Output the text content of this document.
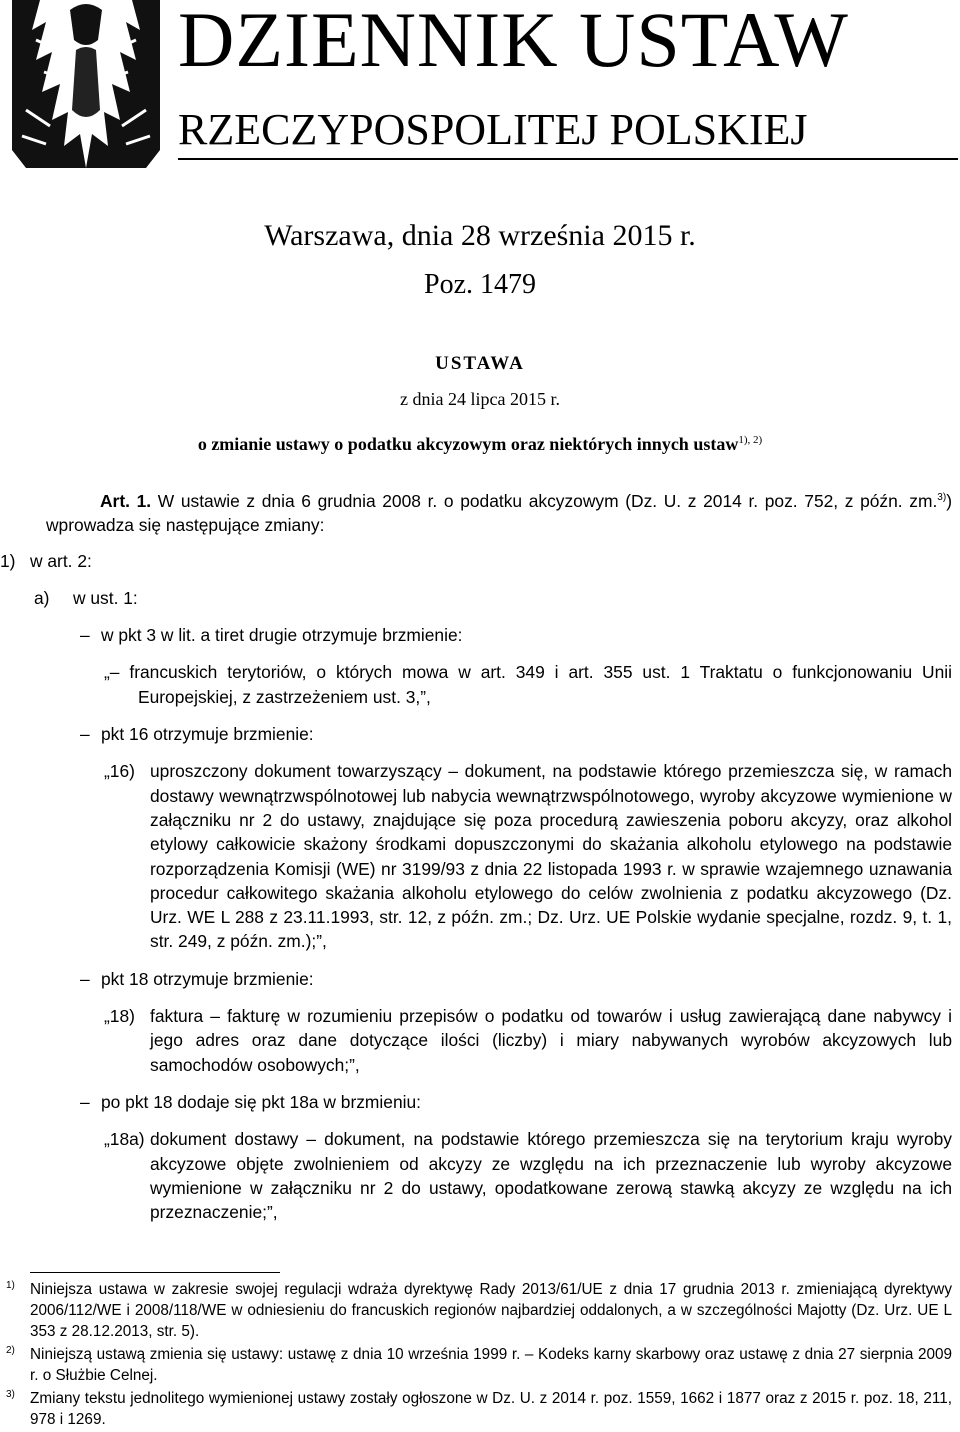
DZIENNIK USTAW
RZECZYPOSPOLITEJ POLSKIEJ
Warszawa, dnia 28 września 2015 r.
Poz. 1479
USTAWA
z dnia 24 lipca 2015 r.
o zmianie ustawy o podatku akcyzowym oraz niektórych innych ustaw$^{1), 2)}$

Art. 1. W ustawie z dnia 6 grudnia 2008 r. o podatku akcyzowym (Dz. U. z 2014 r. poz. 752, z późn. zm.$^{3)}$) wprowadza się następujące zmiany:

1) w art. 2:

a) w ust. 1:

– w pkt 3 w lit. a tiret drugie otrzymuje brzmienie:

„– francuskich terytoriów, o których mowa w art. 349 i art. 355 ust. 1 Traktatu o funkcjonowaniu Unii Europejskiej, z zastrzeżeniem ust. 3,”,

– pkt 16 otrzymuje brzmienie:

„16) uproszczony dokument towarzyszący – dokument, na podstawie którego przemieszcza się, w ramach dostawy wewnątrzwspólnotowej lub nabycia wewnątrzwspólnotowego, wyroby akcyzowe wymienione w załączniku nr 2 do ustawy, znajdujące się poza procedurą zawieszenia poboru akcyzy, oraz alkohol etylowy całkowicie skażony środkami dopuszczonymi do skażania alkoholu etylowego na podstawie rozporządzenia Komisji (WE) nr 3199/93 z dnia 22 listopada 1993 r. w sprawie wzajemnego uznawania procedur całkowitego skażania alkoholu etylowego do celów zwolnienia z podatku akcyzowego (Dz. Urz. WE L 288 z 23.11.1993, str. 12, z późn. zm.; Dz. Urz. UE Polskie wydanie specjalne, rozdz. 9, t. 1, str. 249, z późn. zm.);”,

– pkt 18 otrzymuje brzmienie:

„18) faktura – fakturę w rozumieniu przepisów o podatku od towarów i usług zawierającą dane nabywcy i jego adres oraz dane dotyczące ilości (liczby) i miary nabywanych wyrobów akcyzowych lub samochodów osobowych;”,

– po pkt 18 dodaje się pkt 18a w brzmieniu:

„18a) dokument dostawy – dokument, na podstawie którego przemieszcza się na terytorium kraju wyroby akcyzowe objęte zwolnieniem od akcyzy ze względu na ich przeznaczenie lub wyroby akcyzowe wymienione w załączniku nr 2 do ustawy, opodatkowane zerową stawką akcyzy ze względu na ich przeznaczenie;”,

1) Niniejsza ustawa w zakresie swojej regulacji wdraża dyrektywę Rady 2013/61/UE z dnia 17 grudnia 2013 r. zmieniającą dyrektywy 2006/112/WE i 2008/118/WE w odniesieniu do francuskich regionów najbardziej oddalonych, a w szczególności Majotty (Dz. Urz. UE L 353 z 28.12.2013, str. 5).

2) Niniejszą ustawą zmienia się ustawy: ustawę z dnia 10 września 1999 r. – Kodeks karny skarbowy oraz ustawę z dnia 27 sierpnia 2009 r. o Służbie Celnej.

3) Zmiany tekstu jednolitego wymienionej ustawy zostały ogłoszone w Dz. U. z 2014 r. poz. 1559, 1662 i 1877 oraz z 2015 r. poz. 18, 211, 978 i 1269.
